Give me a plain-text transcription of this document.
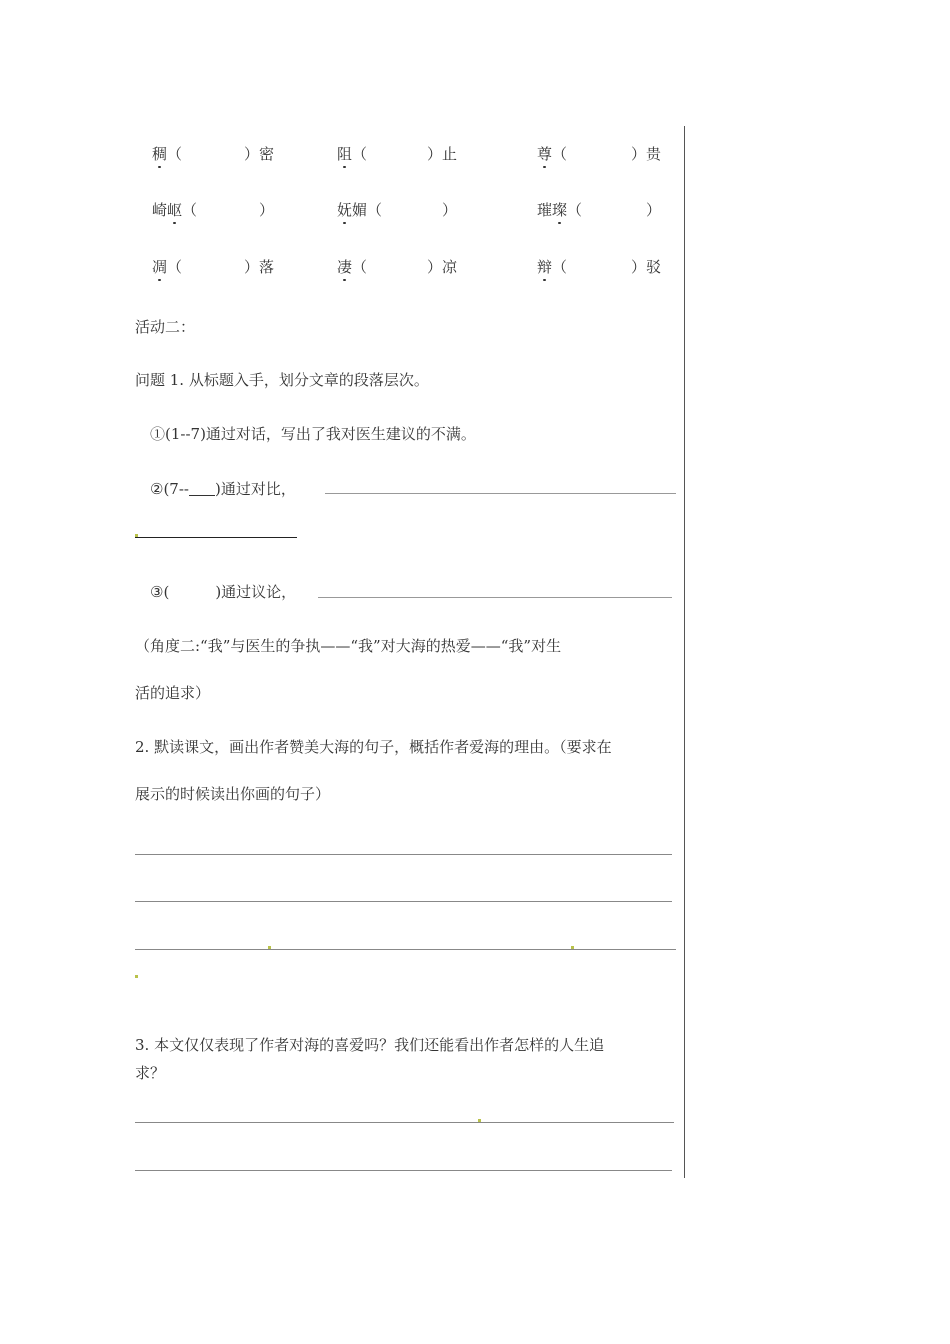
稠（	）密	阻（	）止	尊（	）贵
崎岖（	）	妩媚（	）	璀璨（	）
凋（	）落	凄（	）凉	辩（	）驳
活动二：
问题 1. 从标题入手，划分文章的段落层次。
①(1--7)通过对话，写出了我对医生建议的不满。
②(7-- )通过对比，
③(	)通过议论，
（角度二:“我”与医生的争执——“我”对大海的热爱——“我”对生
活的追求）
2. 默读课文，画出作者赞美大海的句子，概括作者爱海的理由。（要求在
展示的时候读出你画的句子）
3. 本文仅仅表现了作者对海的喜爱吗？我们还能看出作者怎样的人生追
求？
